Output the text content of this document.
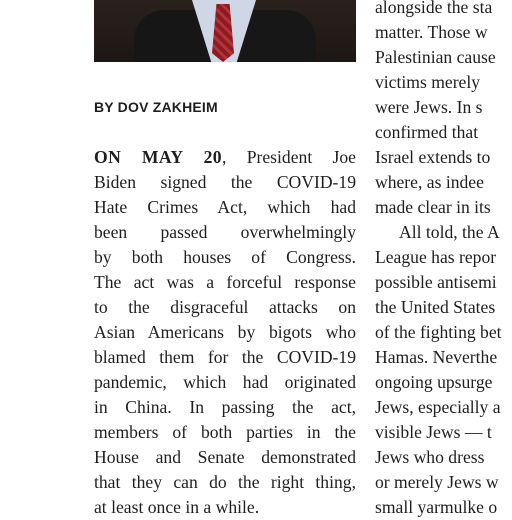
BY DOV ZAKHEIM
ON MAY 20, President Joe
Biden signed the COVID-19
Hate Crimes Act, which had
been passed overwhelmingly
by both houses of Congress.
The act was a forceful response
to the disgraceful attacks on
Asian Americans by bigots who
blamed them for the COVID-19
pandemic, which had originated
in China. In passing the act,
members of both parties in the
House and Senate demonstrated
that they can do the right thing,
at least once in a while.
alongside the sta
matter. Those w
Palestinian cause
victims merely
were Jews. In s
confirmed that
Israel extends to
where, as indee
made clear in its
All told, the A
League has repor
possible antisemi
the United States
of the fighting bet
Hamas. Neverthe
ongoing upsurge
Jews, especially a
visible Jews — t
Jews who dress
or merely Jews w
small yarmulke o
